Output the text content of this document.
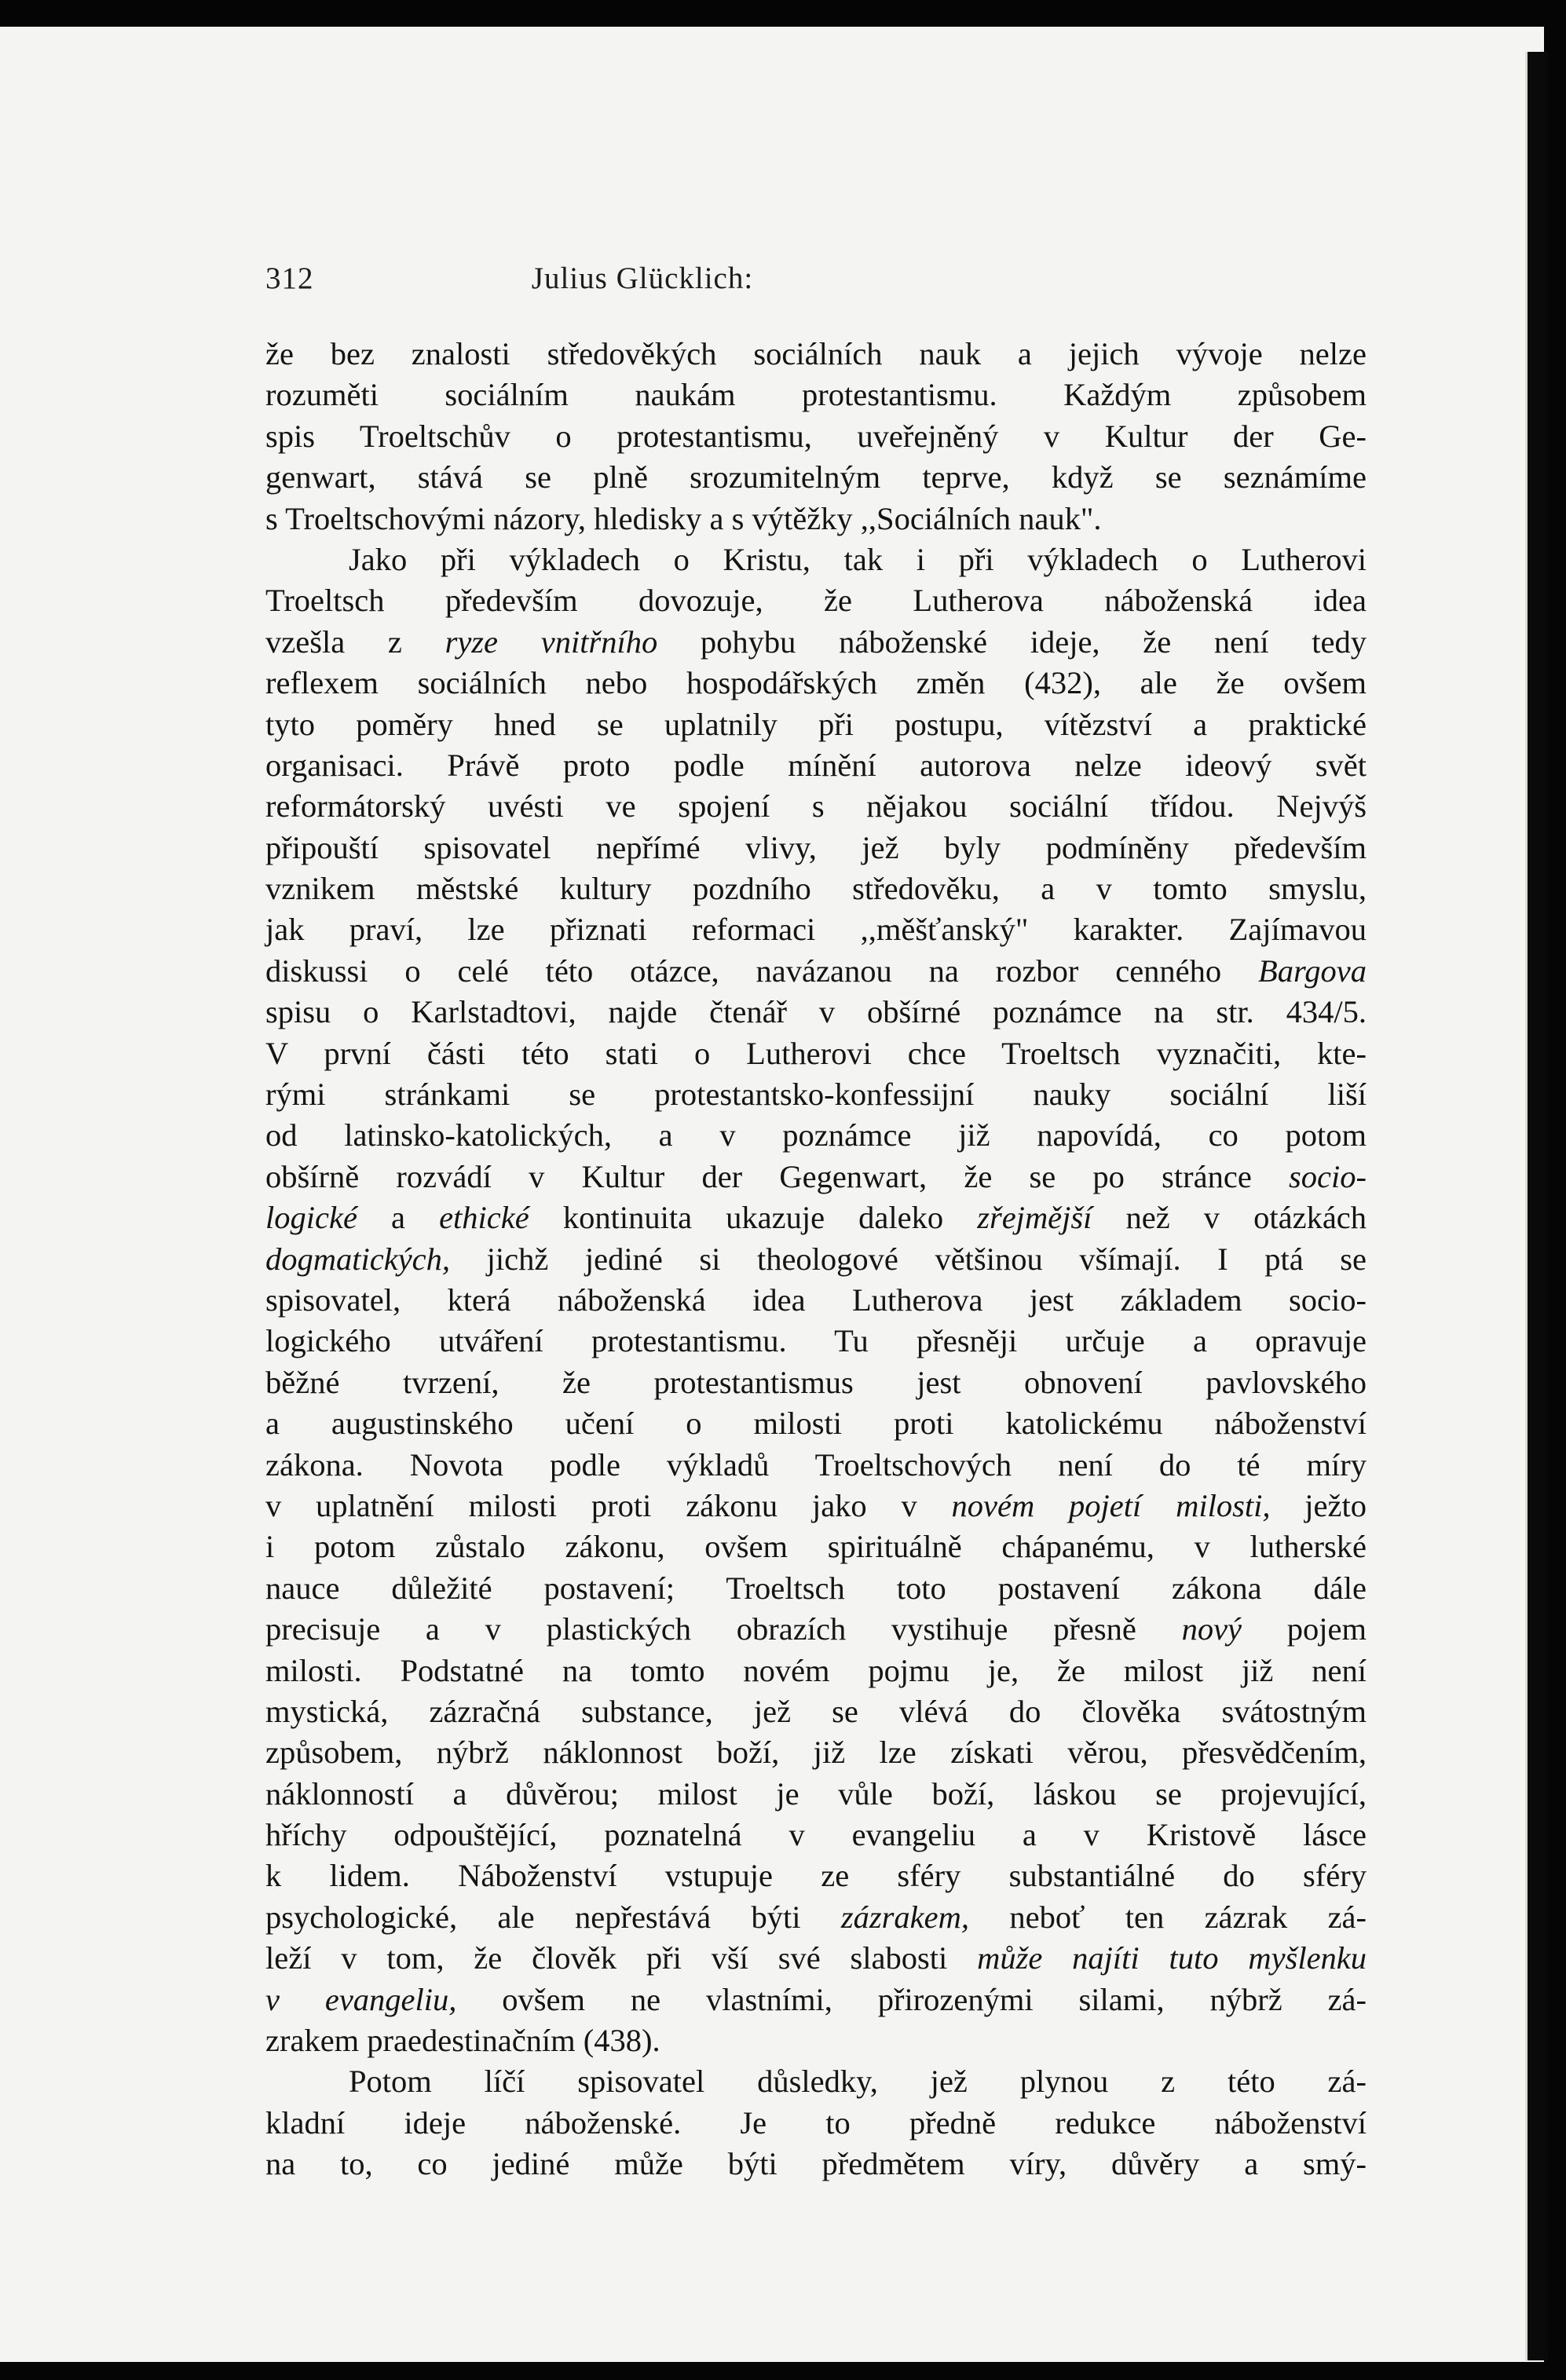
312	Julius Glücklich:
že bez znalosti středověkých sociálních nauk a jejich vývoje nelze
rozuměti sociálním naukám protestantismu. Každým způsobem
spis Troeltschův o protestantismu, uveřejněný v Kultur der Ge-
genwart, stává se plně srozumitelným teprve, když se seznámíme
s Troeltschovými názory, hledisky a s výtěžky ,,Sociálních nauk".
Jako při výkladech o Kristu, tak i při výkladech o Lutherovi
Troeltsch především dovozuje, že Lutherova náboženská idea
vzešla z ryze vnitřního pohybu náboženské ideje, že není tedy
reflexem sociálních nebo hospodářských změn (432), ale že ovšem
tyto poměry hned se uplatnily při postupu, vítězství a praktické
organisaci. Právě proto podle mínění autorova nelze ideový svět
reformátorský uvésti ve spojení s nějakou sociální třídou. Nejvýš
připouští spisovatel nepřímé vlivy, jež byly podmíněny především
vznikem městské kultury pozdního středověku, a v tomto smyslu,
jak praví, lze přiznati reformaci ,,měšťanský" karakter. Zajímavou
diskussi o celé této otázce, navázanou na rozbor cenného Bargova
spisu o Karlstadtovi, najde čtenář v obšírné poznámce na str. 434/5.
V první části této stati o Lutherovi chce Troeltsch vyznačiti, kte-
rými stránkami se protestantsko-konfessijní nauky sociální liší
od latinsko-katolických, a v poznámce již napovídá, co potom
obšírně rozvádí v Kultur der Gegenwart, že se po stránce socio-
logické a ethické kontinuita ukazuje daleko zřejmější než v otázkách
dogmatických, jichž jediné si theologové většinou všímají. I ptá se
spisovatel, která náboženská idea Lutherova jest základem socio-
logického utváření protestantismu. Tu přesněji určuje a opravuje
běžné tvrzení, že protestantismus jest obnovení pavlovského
a augustinského učení o milosti proti katolickému náboženství
zákona. Novota podle výkladů Troeltschových není do té míry
v uplatnění milosti proti zákonu jako v novém pojetí milosti, ježto
i potom zůstalo zákonu, ovšem spirituálně chápanému, v lutherské
nauce důležité postavení; Troeltsch toto postavení zákona dále
precisuje a v plastických obrazích vystihuje přesně nový pojem
milosti. Podstatné na tomto novém pojmu je, že milost již není
mystická, zázračná substance, jež se vlévá do člověka svátostným
způsobem, nýbrž náklonnost boží, již lze získati věrou, přesvědčením,
náklonností a důvěrou; milost je vůle boží, láskou se projevující,
hříchy odpouštějící, poznatelná v evangeliu a v Kristově lásce
k lidem. Náboženství vstupuje ze sféry substantiálné do sféry
psychologické, ale nepřestává býti zázrakem, neboť ten zázrak zá-
leží v tom, že člověk při vší své slabosti může najíti tuto myšlenku
v evangeliu, ovšem ne vlastními, přirozenými silami, nýbrž zá-
zrakem praedestinačním (438).
Potom líčí spisovatel důsledky, jež plynou z této zá-
kladní ideje náboženské. Je to předně redukce náboženství
na to, co jediné může býti předmětem víry, důvěry a smý-
